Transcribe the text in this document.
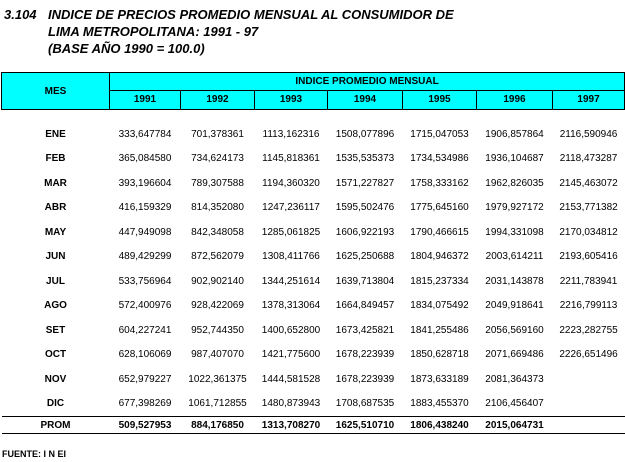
3.104 INDICE DE PRECIOS PROMEDIO MENSUAL AL CONSUMIDOR DE
LIMA METROPOLITANA: 1991 - 97
(BASE AÑO 1990 = 100.0)
MES	INDICE PROMEDIO MENSUAL						
	1991	1992	1993	1994	1995	1996	1997

ENE	333,647784	701,378361	1113,162316	1508,077896	1715,047053	1906,857864	2116,590946
FEB	365,084580	734,624173	1145,818361	1535,535373	1734,534986	1936,104687	2118,473287
MAR	393,196604	789,307588	1194,360320	1571,227827	1758,333162	1962,826035	2145,463072
ABR	416,159329	814,352080	1247,236117	1595,502476	1775,645160	1979,927172	2153,771382
MAY	447,949098	842,348058	1285,061825	1606,922193	1790,466615	1994,331098	2170,034812
JUN	489,429299	872,562079	1308,411766	1625,250688	1804,946372	2003,614211	2193,605416
JUL	533,756964	902,902140	1344,251614	1639,713804	1815,237334	2031,143878	2211,783941
AGO	572,400976	928,422069	1378,313064	1664,849457	1834,075492	2049,918641	2216,799113
SET	604,227241	952,744350	1400,652800	1673,425821	1841,255486	2056,569160	2223,282755
OCT	628,106069	987,407070	1421,775600	1678,223939	1850,628718	2071,669486	2226,651496
NOV	652,979227	1022,361375	1444,581528	1678,223939	1873,633189	2081,364373	
DIC	677,398269	1061,712855	1480,873943	1708,687535	1883,455370	2106,456407	
PROM	509,527953	884,176850	1313,708270	1625,510710	1806,438240	2015,064731	
FUENTE: I N EI
